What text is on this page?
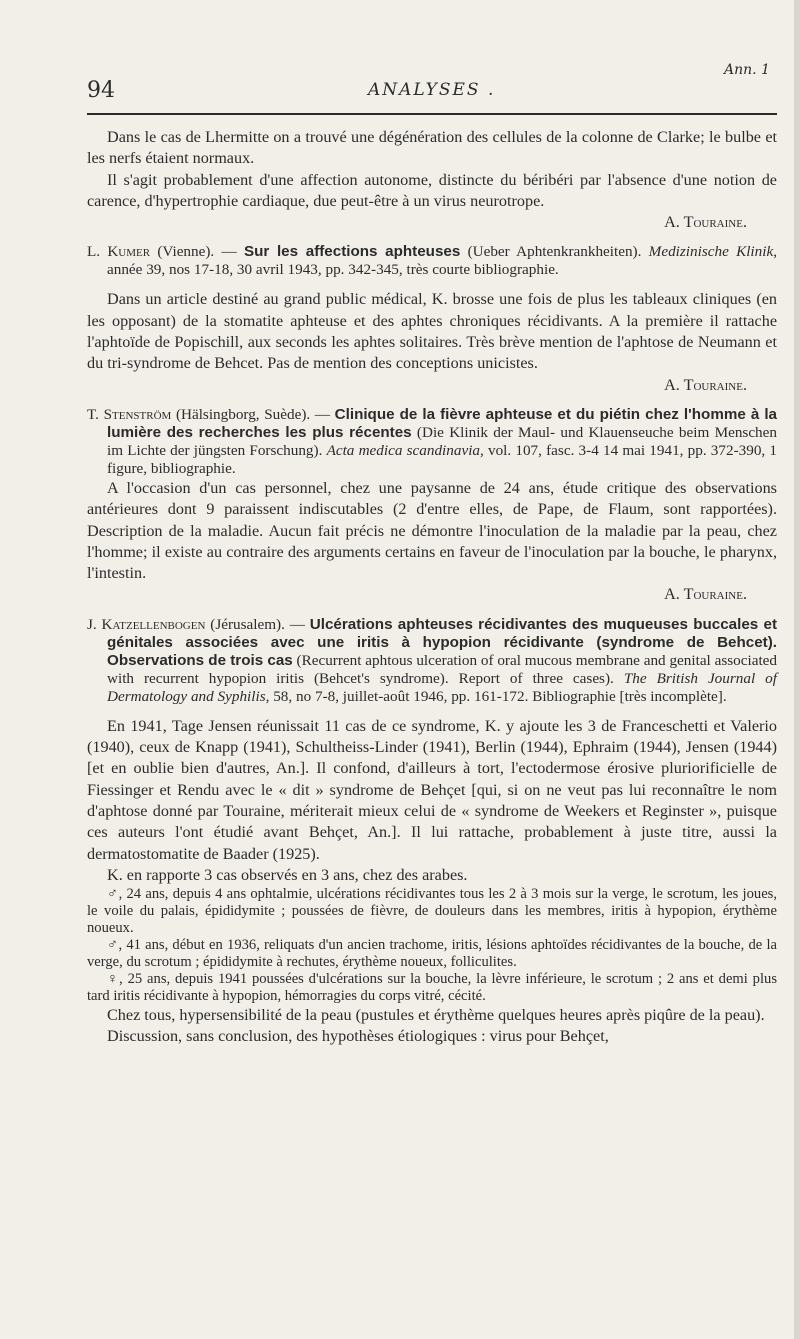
Ann. 1
94	ANALYSES .

Dans le cas de Lhermitte on a trouvé une dégénération des cellules de la colonne de Clarke; le bulbe et les nerfs étaient normaux.

Il s'agit probablement d'une affection autonome, distincte du béribéri par l'absence d'une notion de carence, d'hypertrophie cardiaque, due peut-être à un virus neurotrope.

A. Touraine.

L. Kumer (Vienne). — Sur les affections aphteuses (Ueber Aphtenkrankheiten). Medizinische Klinik, année 39, nos 17-18, 30 avril 1943, pp. 342-345, très courte bibliographie.

Dans un article destiné au grand public médical, K. brosse une fois de plus les tableaux cliniques (en les opposant) de la stomatite aphteuse et des aphtes chroniques récidivants. A la première il rattache l'aphtoïde de Popischill, aux seconds les aphtes solitaires. Très brève mention de l'aphtose de Neumann et du tri-syndrome de Behcet. Pas de mention des conceptions unicistes.

A. Touraine.

T. Stenström (Hälsingborg, Suède). — Clinique de la fièvre aphteuse et du piétin chez l'homme à la lumière des recherches les plus récentes (Die Klinik der Maul- und Klauenseuche beim Menschen im Lichte der jüngsten Forschung). Acta medica scandinavia, vol. 107, fasc. 3-4 14 mai 1941, pp. 372-390, 1 figure, bibliographie.

A l'occasion d'un cas personnel, chez une paysanne de 24 ans, étude critique des observations antérieures dont 9 paraissent indiscutables (2 d'entre elles, de Pape, de Flaum, sont rapportées). Description de la maladie. Aucun fait précis ne démontre l'inoculation de la maladie par la peau, chez l'homme; il existe au contraire des arguments certains en faveur de l'inoculation par la bouche, le pharynx, l'intestin.

A. Touraine.

J. Katzellenbogen (Jérusalem). — Ulcérations aphteuses récidivantes des muqueuses buccales et génitales associées avec une iritis à hypopion récidivante (syndrome de Behcet). Observations de trois cas (Recurrent aphtous ulceration of oral mucous membrane and genital associated with recurrent hypopion iritis (Behcet's syndrome). Report of three cases). The British Journal of Dermatology and Syphilis, 58, no 7-8, juillet-août 1946, pp. 161-172. Bibliographie [très incomplète].

En 1941, Tage Jensen réunissait 11 cas de ce syndrome, K. y ajoute les 3 de Franceschetti et Valerio (1940), ceux de Knapp (1941), Schultheiss-Linder (1941), Berlin (1944), Ephraim (1944), Jensen (1944) [et en oublie bien d'autres, An.]. Il confond, d'ailleurs à tort, l'ectodermose érosive pluriorificielle de Fiessinger et Rendu avec le « dit » syndrome de Behçet [qui, si on ne veut pas lui reconnaître le nom d'aphtose donné par Touraine, mériterait mieux celui de « syndrome de Weekers et Reginster », puisque ces auteurs l'ont étudié avant Behçet, An.]. Il lui rattache, probablement à juste titre, aussi la dermatostomatite de Baader (1925).

K. en rapporte 3 cas observés en 3 ans, chez des arabes.

♂, 24 ans, depuis 4 ans ophtalmie, ulcérations récidivantes tous les 2 à 3 mois sur la verge, le scrotum, les joues, le voile du palais, épididymite ; poussées de fièvre, de douleurs dans les membres, iritis à hypopion, érythème noueux.

♂, 41 ans, début en 1936, reliquats d'un ancien trachome, iritis, lésions aphtoïdes récidivantes de la bouche, de la verge, du scrotum ; épididymite à rechutes, érythème noueux, folliculites.

♀, 25 ans, depuis 1941 poussées d'ulcérations sur la bouche, la lèvre inférieure, le scrotum ; 2 ans et demi plus tard iritis récidivante à hypopion, hémorragies du corps vitré, cécité.

Chez tous, hypersensibilité de la peau (pustules et érythème quelques heures après piqûre de la peau).

Discussion, sans conclusion, des hypothèses étiologiques : virus pour Behçet,
